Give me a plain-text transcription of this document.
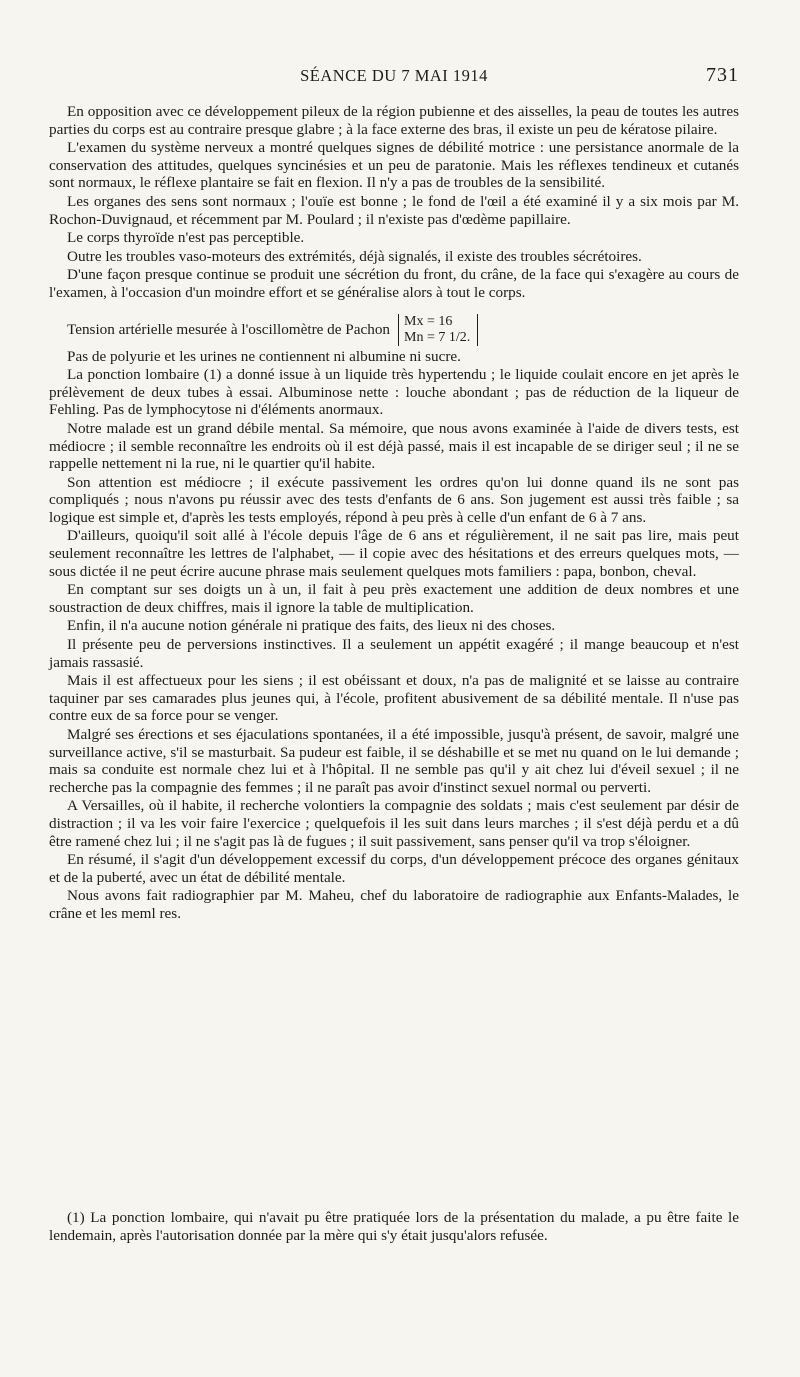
SÉANCE DU 7 MAI 1914	731

En opposition avec ce développement pileux de la région pubienne et des aisselles, la peau de toutes les autres parties du corps est au contraire presque glabre ; à la face externe des bras, il existe un peu de kératose pilaire.

L'examen du système nerveux a montré quelques signes de débilité motrice : une persistance anormale de la conservation des attitudes, quelques syncinésies et un peu de paratonie. Mais les réflexes tendineux et cutanés sont normaux, le réflexe plantaire se fait en flexion. Il n'y a pas de troubles de la sensibilité.

Les organes des sens sont normaux ; l'ouïe est bonne ; le fond de l'œil a été examiné il y a six mois par M. Rochon-Duvignaud, et récemment par M. Poulard ; il n'existe pas d'œdème papillaire.

Le corps thyroïde n'est pas perceptible.

Outre les troubles vaso-moteurs des extrémités, déjà signalés, il existe des troubles sécrétoires.

D'une façon presque continue se produit une sécrétion du front, du crâne, de la face qui s'exagère au cours de l'examen, à l'occasion d'un moindre effort et se généralise alors à tout le corps.

Tension artérielle mesurée à l'oscillomètre de Pachon Mx = 16
Mn = 7 1/2.

Pas de polyurie et les urines ne contiennent ni albumine ni sucre.

La ponction lombaire (1) a donné issue à un liquide très hypertendu ; le liquide coulait encore en jet après le prélèvement de deux tubes à essai. Albuminose nette : louche abondant ; pas de réduction de la liqueur de Fehling. Pas de lymphocytose ni d'éléments anormaux.

Notre malade est un grand débile mental. Sa mémoire, que nous avons examinée à l'aide de divers tests, est médiocre ; il semble reconnaître les endroits où il est déjà passé, mais il est incapable de se diriger seul ; il ne se rappelle nettement ni la rue, ni le quartier qu'il habite.

Son attention est médiocre ; il exécute passivement les ordres qu'on lui donne quand ils ne sont pas compliqués ; nous n'avons pu réussir avec des tests d'enfants de 6 ans. Son jugement est aussi très faible ; sa logique est simple et, d'après les tests employés, répond à peu près à celle d'un enfant de 6 à 7 ans.

D'ailleurs, quoiqu'il soit allé à l'école depuis l'âge de 6 ans et régulièrement, il ne sait pas lire, mais peut seulement reconnaître les lettres de l'alphabet, — il copie avec des hésitations et des erreurs quelques mots, — sous dictée il ne peut écrire aucune phrase mais seulement quelques mots familiers : papa, bonbon, cheval.

En comptant sur ses doigts un à un, il fait à peu près exactement une addition de deux nombres et une soustraction de deux chiffres, mais il ignore la table de multiplication.

Enfin, il n'a aucune notion générale ni pratique des faits, des lieux ni des choses.

Il présente peu de perversions instinctives. Il a seulement un appétit exagéré ; il mange beaucoup et n'est jamais rassasié.

Mais il est affectueux pour les siens ; il est obéissant et doux, n'a pas de malignité et se laisse au contraire taquiner par ses camarades plus jeunes qui, à l'école, profitent abusivement de sa débilité mentale. Il n'use pas contre eux de sa force pour se venger.

Malgré ses érections et ses éjaculations spontanées, il a été impossible, jusqu'à présent, de savoir, malgré une surveillance active, s'il se masturbait. Sa pudeur est faible, il se déshabille et se met nu quand on le lui demande ; mais sa conduite est normale chez lui et à l'hôpital. Il ne semble pas qu'il y ait chez lui d'éveil sexuel ; il ne recherche pas la compagnie des femmes ; il ne paraît pas avoir d'instinct sexuel normal ou perverti.

A Versailles, où il habite, il recherche volontiers la compagnie des soldats ; mais c'est seulement par désir de distraction ; il va les voir faire l'exercice ; quelquefois il les suit dans leurs marches ; il s'est déjà perdu et a dû être ramené chez lui ; il ne s'agit pas là de fugues ; il suit passivement, sans penser qu'il va trop s'éloigner.

En résumé, il s'agit d'un développement excessif du corps, d'un développement précoce des organes génitaux et de la puberté, avec un état de débilité mentale.

Nous avons fait radiographier par M. Maheu, chef du laboratoire de radiographie aux Enfants-Malades, le crâne et les meml res.

(1) La ponction lombaire, qui n'avait pu être pratiquée lors de la présentation du malade, a pu être faite le lendemain, après l'autorisation donnée par la mère qui s'y était jusqu'alors refusée.
